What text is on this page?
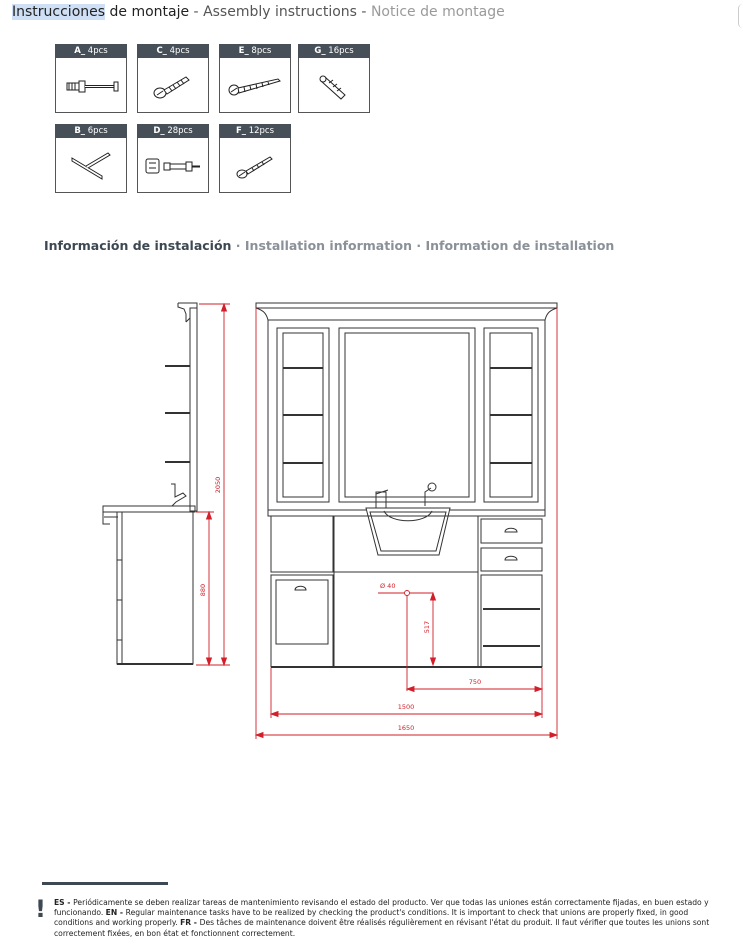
Instrucciones de montaje - Assembly instructions - Notice de montage
A_ 4pcs	C_ 4pcs	E_ 8pcs	G_ 16pcs
B_ 6pcs	D_ 28pcs	F_ 12pcs
Información de instalación · Installation information · Information de installation
2050
880	Ø 40
517
750
1500
1650
! ES - Periódicamente se deben realizar tareas de mantenimiento revisando el estado del producto. Ver que todas las uniones están correctamente fijadas, en buen estado y funcionando. EN - Regular maintenance tasks have to be realized by checking the product's conditions. It is important to check that unions are properly fixed, in good conditions and working properly. FR - Des tâches de maintenance doivent être réalisés régulièrement en révisant l'état du produit. Il faut vérifier que toutes les unions sont correctement fixées, en bon état et fonctionnent correctement.
